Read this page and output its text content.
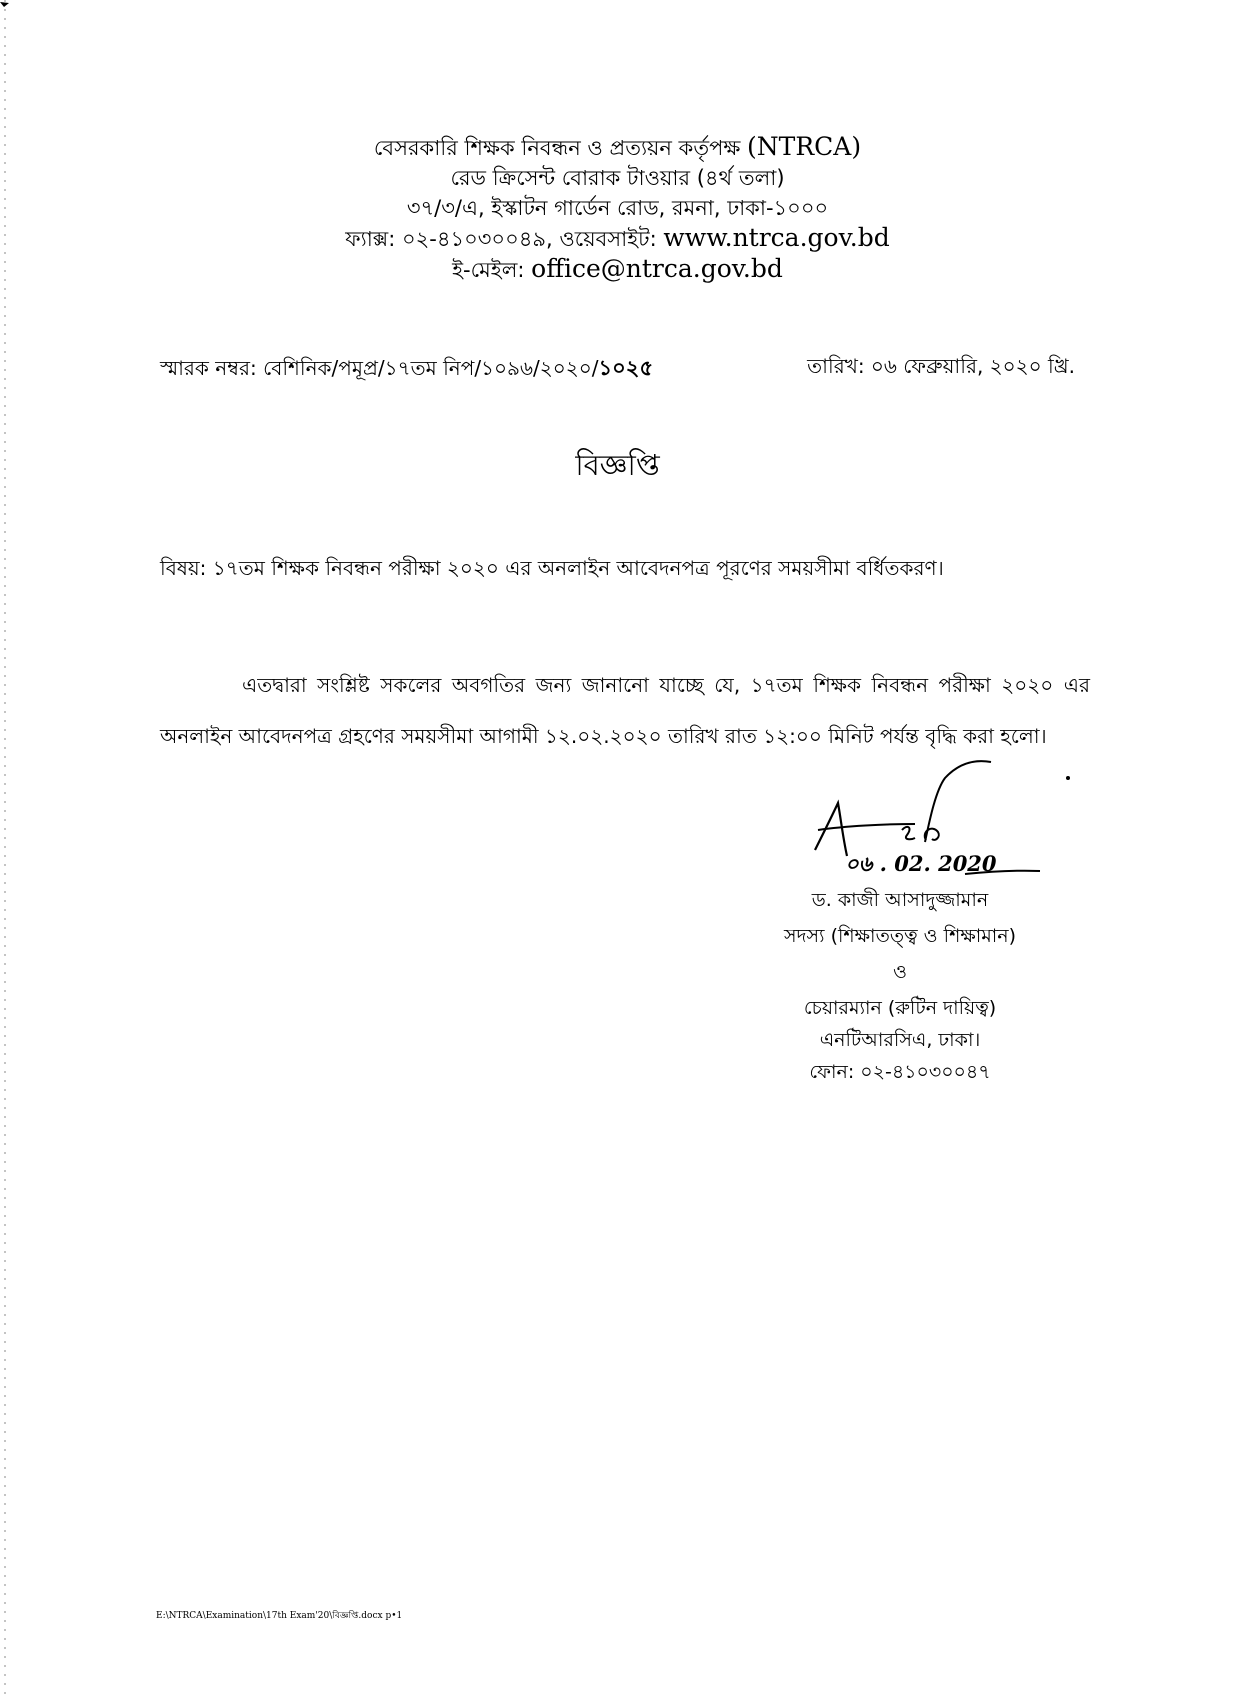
বেসরকারি শিক্ষক নিবন্ধন ও প্রত্যয়ন কর্তৃপক্ষ (NTRCA)
রেড ক্রিসেন্ট বোরাক টাওয়ার (৪র্থ তলা)
৩৭/৩/এ, ইস্কাটন গার্ডেন রোড, রমনা, ঢাকা-১০০০
ফ্যাক্স: ০২-৪১০৩০০৪৯, ওয়েবসাইট: www.ntrca.gov.bd
ই-মেইল: office@ntrca.gov.bd
স্মারক নম্বর: বেশিনিক/পমূপ্র/১৭তম নিপ/১০৯৬/২০২০/১০২৫	তারিখ: ০৬ ফেব্রুয়ারি, ২০২০ খ্রি.
বিজ্ঞপ্তি
বিষয়: ১৭তম শিক্ষক নিবন্ধন পরীক্ষা ২০২০ এর অনলাইন আবেদনপত্র পূরণের সময়সীমা বর্ধিতকরণ।
এতদ্বারা সংশ্লিষ্ট সকলের অবগতির জন্য জানানো যাচ্ছে যে, ১৭তম শিক্ষক নিবন্ধন পরীক্ষা ২০২০ এর
অনলাইন আবেদনপত্র গ্রহণের সময়সীমা আগামী ১২.০২.২০২০ তারিখ রাত ১২:০০ মিনিট পর্যন্ত বৃদ্ধি করা হলো।
০৬ . 02. 2020
ড. কাজী আসাদুজ্জামান
সদস্য (শিক্ষাতত্ত্ব ও শিক্ষামান)
ও
চেয়ারম্যান (রুটিন দায়িত্ব)
এনটিআরসিএ, ঢাকা।
ফোন: ০২-৪১০৩০০৪৭
E:\NTRCA\Examination\17th Exam'20\বিজ্ঞপ্তি.docx p•1
